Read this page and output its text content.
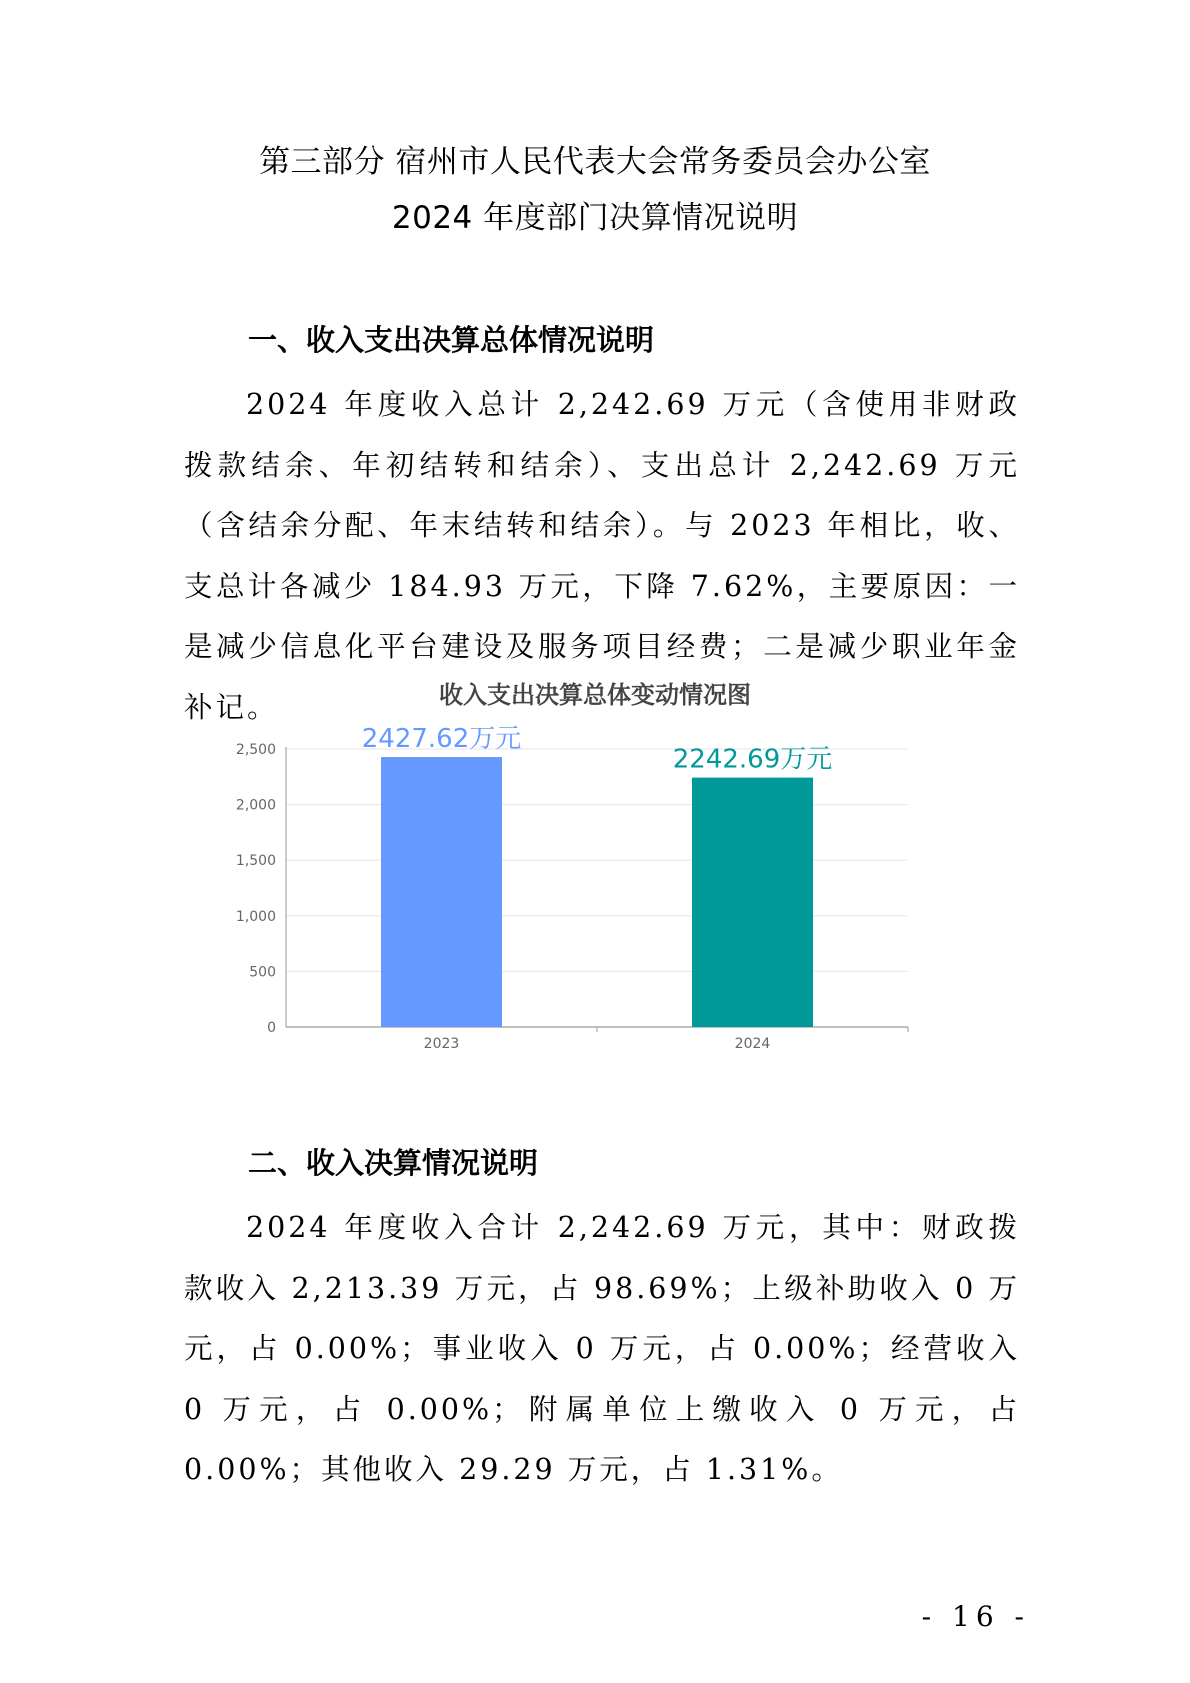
第三部分 宿州市人民代表大会常务委员会办公室
2024 年度部门决算情况说明
一、收入支出决算总体情况说明
2024 年度收入总计 2,242.69 万元（含使用非财政拨款结余、年初结转和结余）、支出总计 2,242.69 万元（含结余分配、年末结转和结余）。与 2023 年相比，收、支总计各减少 184.93 万元，下降 7.62%，主要原因：一是减少信息化平台建设及服务项目经费；二是减少职业年金补记。	收入支出决算总体变动情况图
0
500
1,000
1,500
2,000
2,500	2427.62万元
2023
2242.69万元
2024
二、收入决算情况说明
2024 年度收入合计 2,242.69 万元，其中：财政拨款收入 2,213.39 万元，占 98.69%；上级补助收入 0 万元，占 0.00%；事业收入 0 万元，占 0.00%；经营收入 0 万元，占 0.00%；附属单位上缴收入 0 万元，占 0.00%；其他收入 29.29 万元，占 1.31%。
- 16 -
